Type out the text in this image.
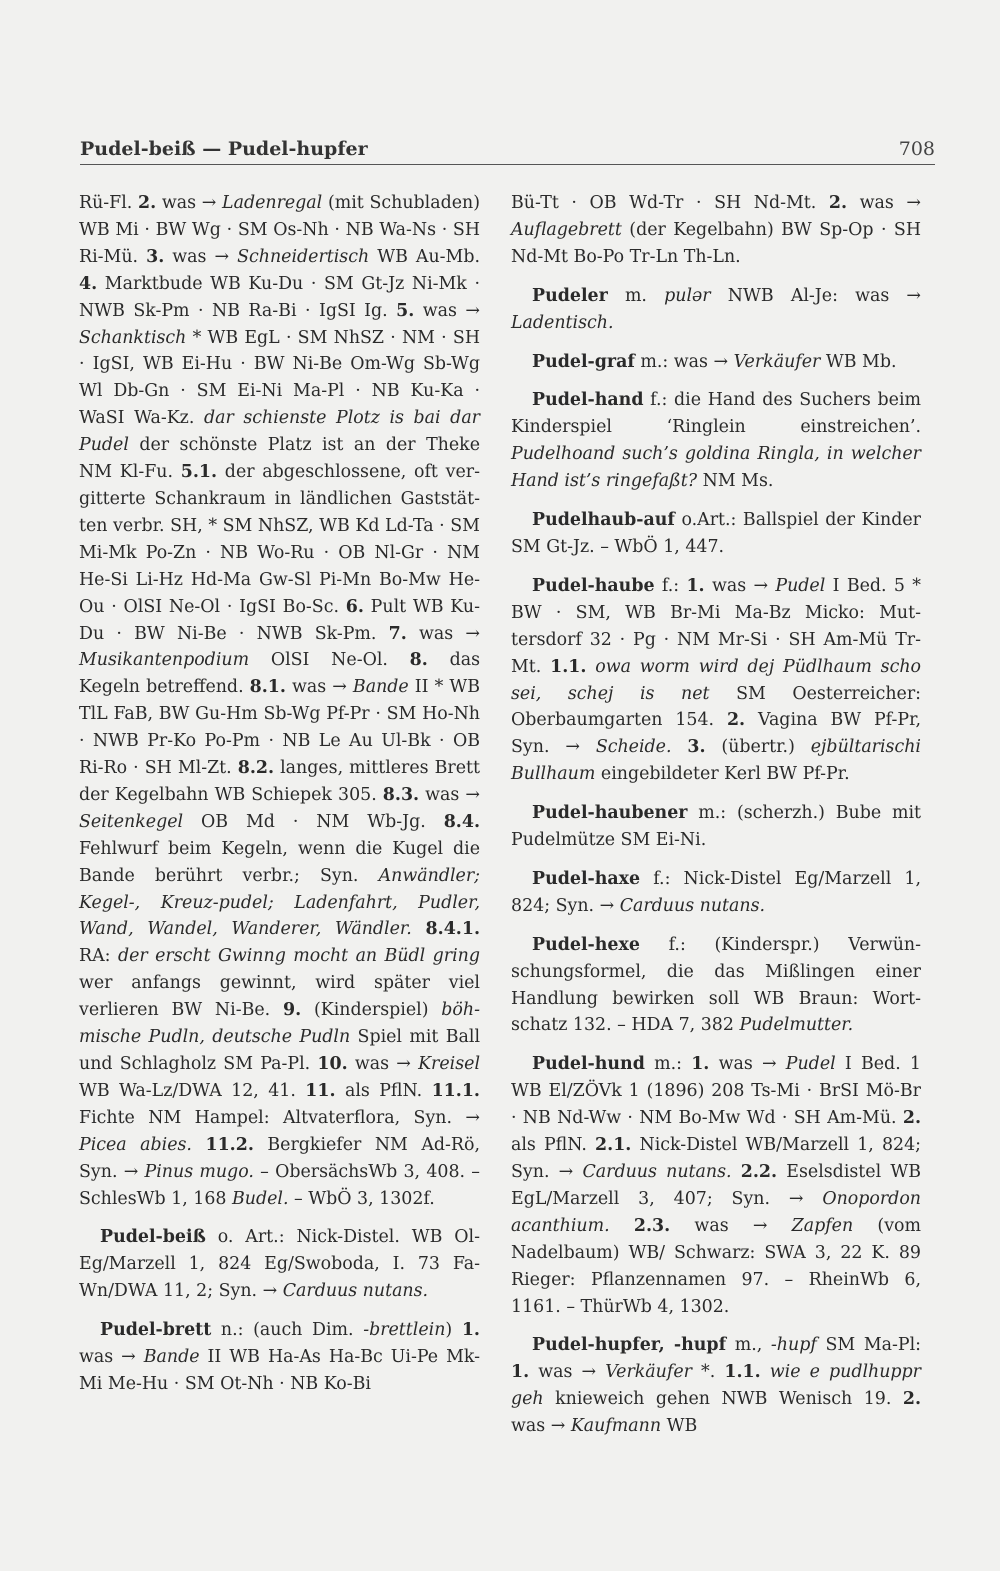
Pudel-beiß — Pudel-hupfer	708

Rü-Fl. 2. was → Ladenregal (mit Schubladen) WB Mi · BW Wg · SM Os-Nh · NB Wa-Ns · SH Ri-Mü. 3. was → Schneidertisch WB Au-Mb. 4. Marktbude WB Ku-Du · SM Gt-Jz Ni-Mk · NWB Sk-Pm · NB Ra-Bi · IgSI Ig. 5. was → Schanktisch * WB EgL · SM NhSZ · NM · SH · IgSI, WB Ei-Hu · BW Ni-Be Om-Wg Sb-Wg Wl Db-Gn · SM Ei-Ni Ma-Pl · NB Ku-Ka · WaSI Wa-Kz. dar schienste Plotz is bai dar Pudel der schönste Platz ist an der Theke NM Kl-Fu. 5.1. der abgeschlossene, oft vergitterte Schankraum in ländlichen Gaststätten verbr. SH, * SM NhSZ, WB Kd Ld-Ta · SM Mi-Mk Po-Zn · NB Wo-Ru · OB Nl-Gr · NM He-Si Li-Hz Hd-Ma Gw-Sl Pi-Mn Bo-Mw He-Ou · OlSI Ne-Ol · IgSI Bo-Sc. 6. Pult WB Ku-Du · BW Ni-Be · NWB Sk-Pm. 7. was → Musikantenpodium OlSI Ne-Ol. 8. das Kegeln betreffend. 8.1. was → Bande II * WB TlL FaB, BW Gu-Hm Sb-Wg Pf-Pr · SM Ho-Nh · NWB Pr-Ko Po-Pm · NB Le Au Ul-Bk · OB Ri-Ro · SH Ml-Zt. 8.2. langes, mittleres Brett der Kegelbahn WB Schiepek 305. 8.3. was → Seitenkegel OB Md · NM Wb-Jg. 8.4. Fehlwurf beim Kegeln, wenn die Kugel die Bande berührt verbr.; Syn. Anwändler; Kegel-, Kreuz-pudel; Ladenfahrt, Pudler, Wand, Wandel, Wanderer, Wändler. 8.4.1. RA: der erscht Gwinng mocht an Büdl gring wer anfangs gewinnt, wird später viel verlieren BW Ni-Be. 9. (Kinderspiel) böhmische Pudln, deutsche Pudln Spiel mit Ball und Schlagholz SM Pa-Pl. 10. was → Kreisel WB Wa-Lz/DWA 12, 41. 11. als PflN. 11.1. Fichte NM Hampel: Altvaterflora, Syn. → Picea abies. 11.2. Bergkiefer NM Ad-Rö, Syn. → Pinus mugo. – ObersächsWb 3, 408. – SchlesWb 1, 168 Budel. – WbÖ 3, 1302f.

Pudel-beiß o. Art.: Nick-Distel. WB Ol-Eg/Marzell 1, 824 Eg/Swoboda, I. 73 Fa-Wn/DWA 11, 2; Syn. → Carduus nutans.

Pudel-brett n.: (auch Dim. -brettlein) 1. was → Bande II WB Ha-As Ha-Bc Ui-Pe Mk-Mi Me-Hu · SM Ot-Nh · NB Ko-Bi

Bü-Tt · OB Wd-Tr · SH Nd-Mt. 2. was → Auflagebrett (der Kegelbahn) BW Sp-Op · SH Nd-Mt Bo-Po Tr-Ln Th-Ln.

Pudeler m. pulər NWB Al-Je: was → Ladentisch.

Pudel-graf m.: was → Verkäufer WB Mb.

Pudel-hand f.: die Hand des Suchers beim Kinderspiel ‘Ringlein einstreichen’. Pudelhoand such’s goldina Ringla, in welcher Hand ist’s ringefaßt? NM Ms.

Pudelhaub-auf o.Art.: Ballspiel der Kinder SM Gt-Jz. – WbÖ 1, 447.

Pudel-haube f.: 1. was → Pudel I Bed. 5 * BW · SM, WB Br-Mi Ma-Bz Micko: Muttersdorf 32 · Pg · NM Mr-Si · SH Am-Mü Tr-Mt. 1.1. owa worm wird dej Püdlhaum scho sei, schej is net SM Oesterreicher: Oberbaumgarten 154. 2. Vagina BW Pf-Pr, Syn. → Scheide. 3. (übertr.) ejbültarischi Bullhaum eingebildeter Kerl BW Pf-Pr.

Pudel-haubener m.: (scherzh.) Bube mit Pudelmütze SM Ei-Ni.

Pudel-haxe f.: Nick-Distel Eg/Marzell 1, 824; Syn. → Carduus nutans.

Pudel-hexe f.: (Kinderspr.) Verwünschungsformel, die das Mißlingen einer Handlung bewirken soll WB Braun: Wortschatz 132. – HDA 7, 382 Pudelmutter.

Pudel-hund m.: 1. was → Pudel I Bed. 1 WB El/ZÖVk 1 (1896) 208 Ts-Mi · BrSI Mö-Br · NB Nd-Ww · NM Bo-Mw Wd · SH Am-Mü. 2. als PflN. 2.1. Nick-Distel WB/Marzell 1, 824; Syn. → Carduus nutans. 2.2. Eselsdistel WB EgL/Marzell 3, 407; Syn. → Onopordon acanthium. 2.3. was → Zapfen (vom Nadelbaum) WB/ Schwarz: SWA 3, 22 K. 89 Rieger: Pflanzennamen 97. – RheinWb 6, 1161. – ThürWb 4, 1302.

Pudel-hupfer, -hupf m., -hupf SM Ma-Pl: 1. was → Verkäufer *. 1.1. wie e pudlhuppr geh knieweich gehen NWB Wenisch 19. 2. was → Kaufmann WB
